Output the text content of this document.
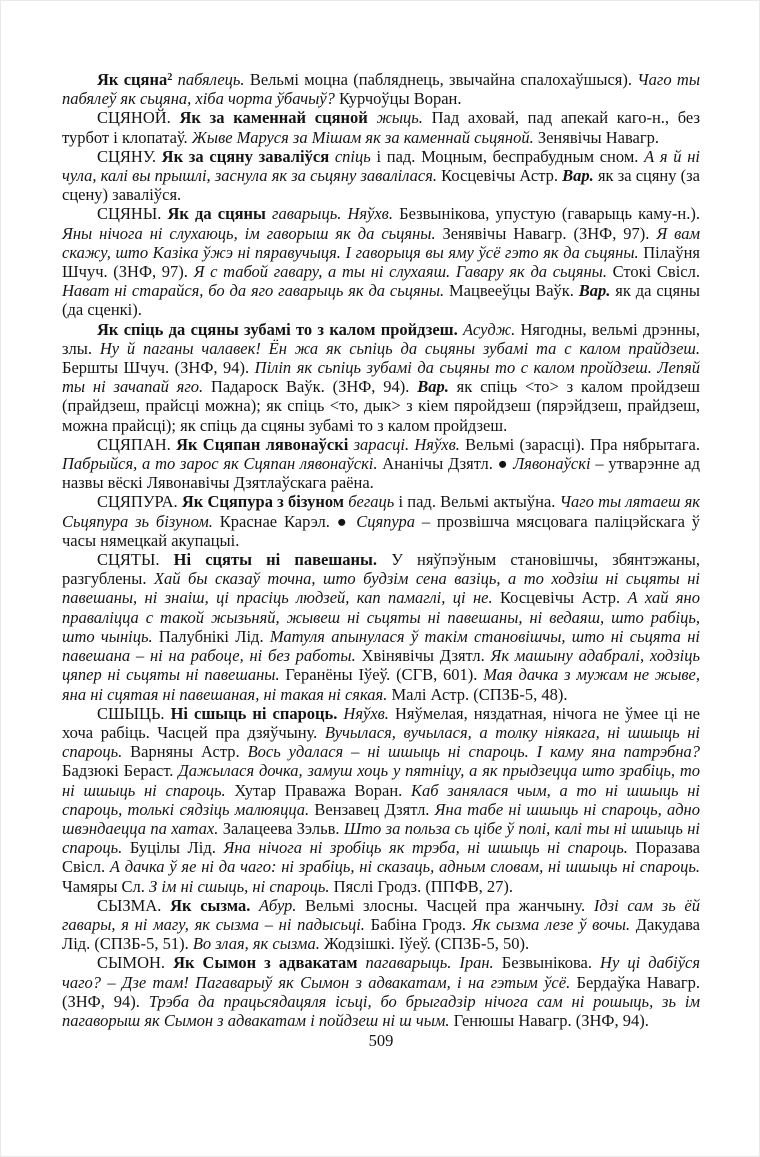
Як сцяна$^2$ пабялець. Вельмі моцна (пабляднець, звычайна спалохаўшыся). Чаго ты пабялеў як сьцяна, хіба чорта ўбачыў? Курчоўцы Воран.

СЦЯНОЙ. Як за каменнай сцяной жыць. Пад аховай, пад апекай каго-н., без турбот і клопатаў. Жыве Маруся за Мішам як за каменнай сьцяной. Зенявічы Навагр.

СЦЯНУ. Як за сцяну заваліўся спіць і пад. Моцным, беспрабудным сном. А я й ні чула, калі вы прышлі, заснула як за сьцяну завалілася. Косцевічы Астр. Вар. як за сцяну (за сцену) заваліўся.

СЦЯНЫ. Як да сцяны гаварыць. Няўхв. Безвынікова, упустую (гаварыць каму-н.). Яны нічога ні слухаюць, ім гаворыш як да сьцяны. Зенявічы Навагр. (ЗНФ, 97). Я вам скажу, што Казіка ўжэ ні пяравучыця. І гаворыця вы яму ўсё гэто як да сьцяны. Пілаўня Шчуч. (ЗНФ, 97). Я с табой гавару, а ты ні слухаяш. Гавару як да сьцяны. Стокі Свісл. Нават ні старайся, бо да яго гаварыць як да сьцяны. Мацвееўцы Ваўк. Вар. як да сцяны (да сценкі).

Як спіць да сцяны зубамі то з калом пройдзеш. Асудж. Нягодны, вельмі дрэнны, злы. Ну й паганы чалавек! Ён жа як сьпіць да сьцяны зубамі та с калом прайдзеш. Бершты Шчуч. (ЗНФ, 94). Піліп як сьпіць зубамі да сьцяны то с калом пройдзеш. Лепяй ты ні зачапай яго. Падароск Ваўк. (ЗНФ, 94). Вар. як спіць <то> з калом пройдзеш (прайдзеш, прайсці можна); як спіць <то, дык> з кіем пяройдзеш (пярэйдзеш, прайдзеш, можна прайсці); як спіць да сцяны зубамі то з калом пройдзеш.

СЦЯПАН. Як Сцяпан лявонаўскі зарасці. Няўхв. Вельмі (зарасці). Пра нябрытага. Пабрыйся, а то зарос як Сцяпан лявонаўскі. Ананічы Дзятл. ● Лявонаўскі – утварэнне ад назвы вёскі Лявонавічы Дзятлаўскага раёна.

СЦЯПУРА. Як Сцяпура з бізуном бегаць і пад. Вельмі актыўна. Чаго ты лятаеш як Сьцяпура зь бізуном. Краснае Карэл. ● Сцяпура – прозвішча мясцовага паліцэйскага ў часы нямецкай акупацыі.

СЦЯТЫ. Ні сцяты ні павешаны. У няўпэўным становішчы, збянтэжаны, разгублены. Хай бы сказаў точна, што будзім сена вазіць, а то ходзіш ні сьцяты ні павешаны, ні знаіш, ці прасіць людзей, кап памаглі, ці не. Косцевічы Астр. А хай яно праваліцца с такой жызьняй, жывеш ні сьцяты ні павешаны, ні ведаяш, што рабіць, што чыніць. Палубнікі Лід. Матуля апынулася ў такім становішчы, што ні сьцята ні павешана – ні на рабоце, ні без работы. Хвінявічы Дзятл. Як машыну адабралі, ходзіць цяпер ні сьцяты ні павешаны. Геранёны Іўеў. (СГВ, 601). Мая дачка з мужам не жыве, яна ні сцятая ні павешаная, ні такая ні сякая. Малі Астр. (СПЗБ-5, 48).

СШЫЦЬ. Ні сшыць ні спароць. Няўхв. Няўмелая, няздатная, нічога не ўмее ці не хоча рабіць. Часцей пра дзяўчыну. Вучылася, вучылася, а толку ніякага, ні шшыць ні спароць. Варняны Астр. Вось удалася – ні шшыць ні спароць. І каму яна патрэбна? Бадзюкі Бераст. Дажылася дочка, замуш хоць у пятніцу, а як прыдзецца што зрабіць, то ні шшыць ні спароць. Хутар Праважа Воран. Каб занялася чым, а то ні шшыць ні спароць, толькі сядзіць малюяцца. Вензавец Дзятл. Яна табе ні шшыць ні спароць, адно швэндаецца па хатах. Залацеева Зэльв. Што за польза сь цібе ў полі, калі ты ні шшыць ні спароць. Буцілы Лід. Яна нічога ні зробіць як трэба, ні шшыць ні спароць. Поразава Свісл. А дачка ў яе ні да чаго: ні зрабіць, ні сказаць, адным словам, ні шшыць ні спароць. Чамяры Сл. З ім ні сшыць, ні спароць. Пяслі Гродз. (ППФВ, 27).

СЫЗМА. Як сызма. Абур. Вельмі злосны. Часцей пра жанчыну. Ідзі сам зь ёй гавары, я ні магу, як сызма – ні падысьці. Бабіна Гродз. Як сызма лезе ў вочы. Дакудава Лід. (СПЗБ-5, 51). Во злая, як сызма. Жодзішкі. Іўеў. (СПЗБ-5, 50).

СЫМОН. Як Сымон з адвакатам пагаварыць. Іран. Безвынікова. Ну ці дабіўся чаго? – Дзе там! Пагаварыў як Сымон з адвакатам, і на гэтым ўсё. Бердаўка Навагр. (ЗНФ, 94). Трэба да працьсядацяля ісьці, бо брыгадзір нічога сам ні рошыць, зь ім пагаворыш як Сымон з адвакатам і пойдзеш ні ш чым. Генюшы Навагр. (ЗНФ, 94).

509
